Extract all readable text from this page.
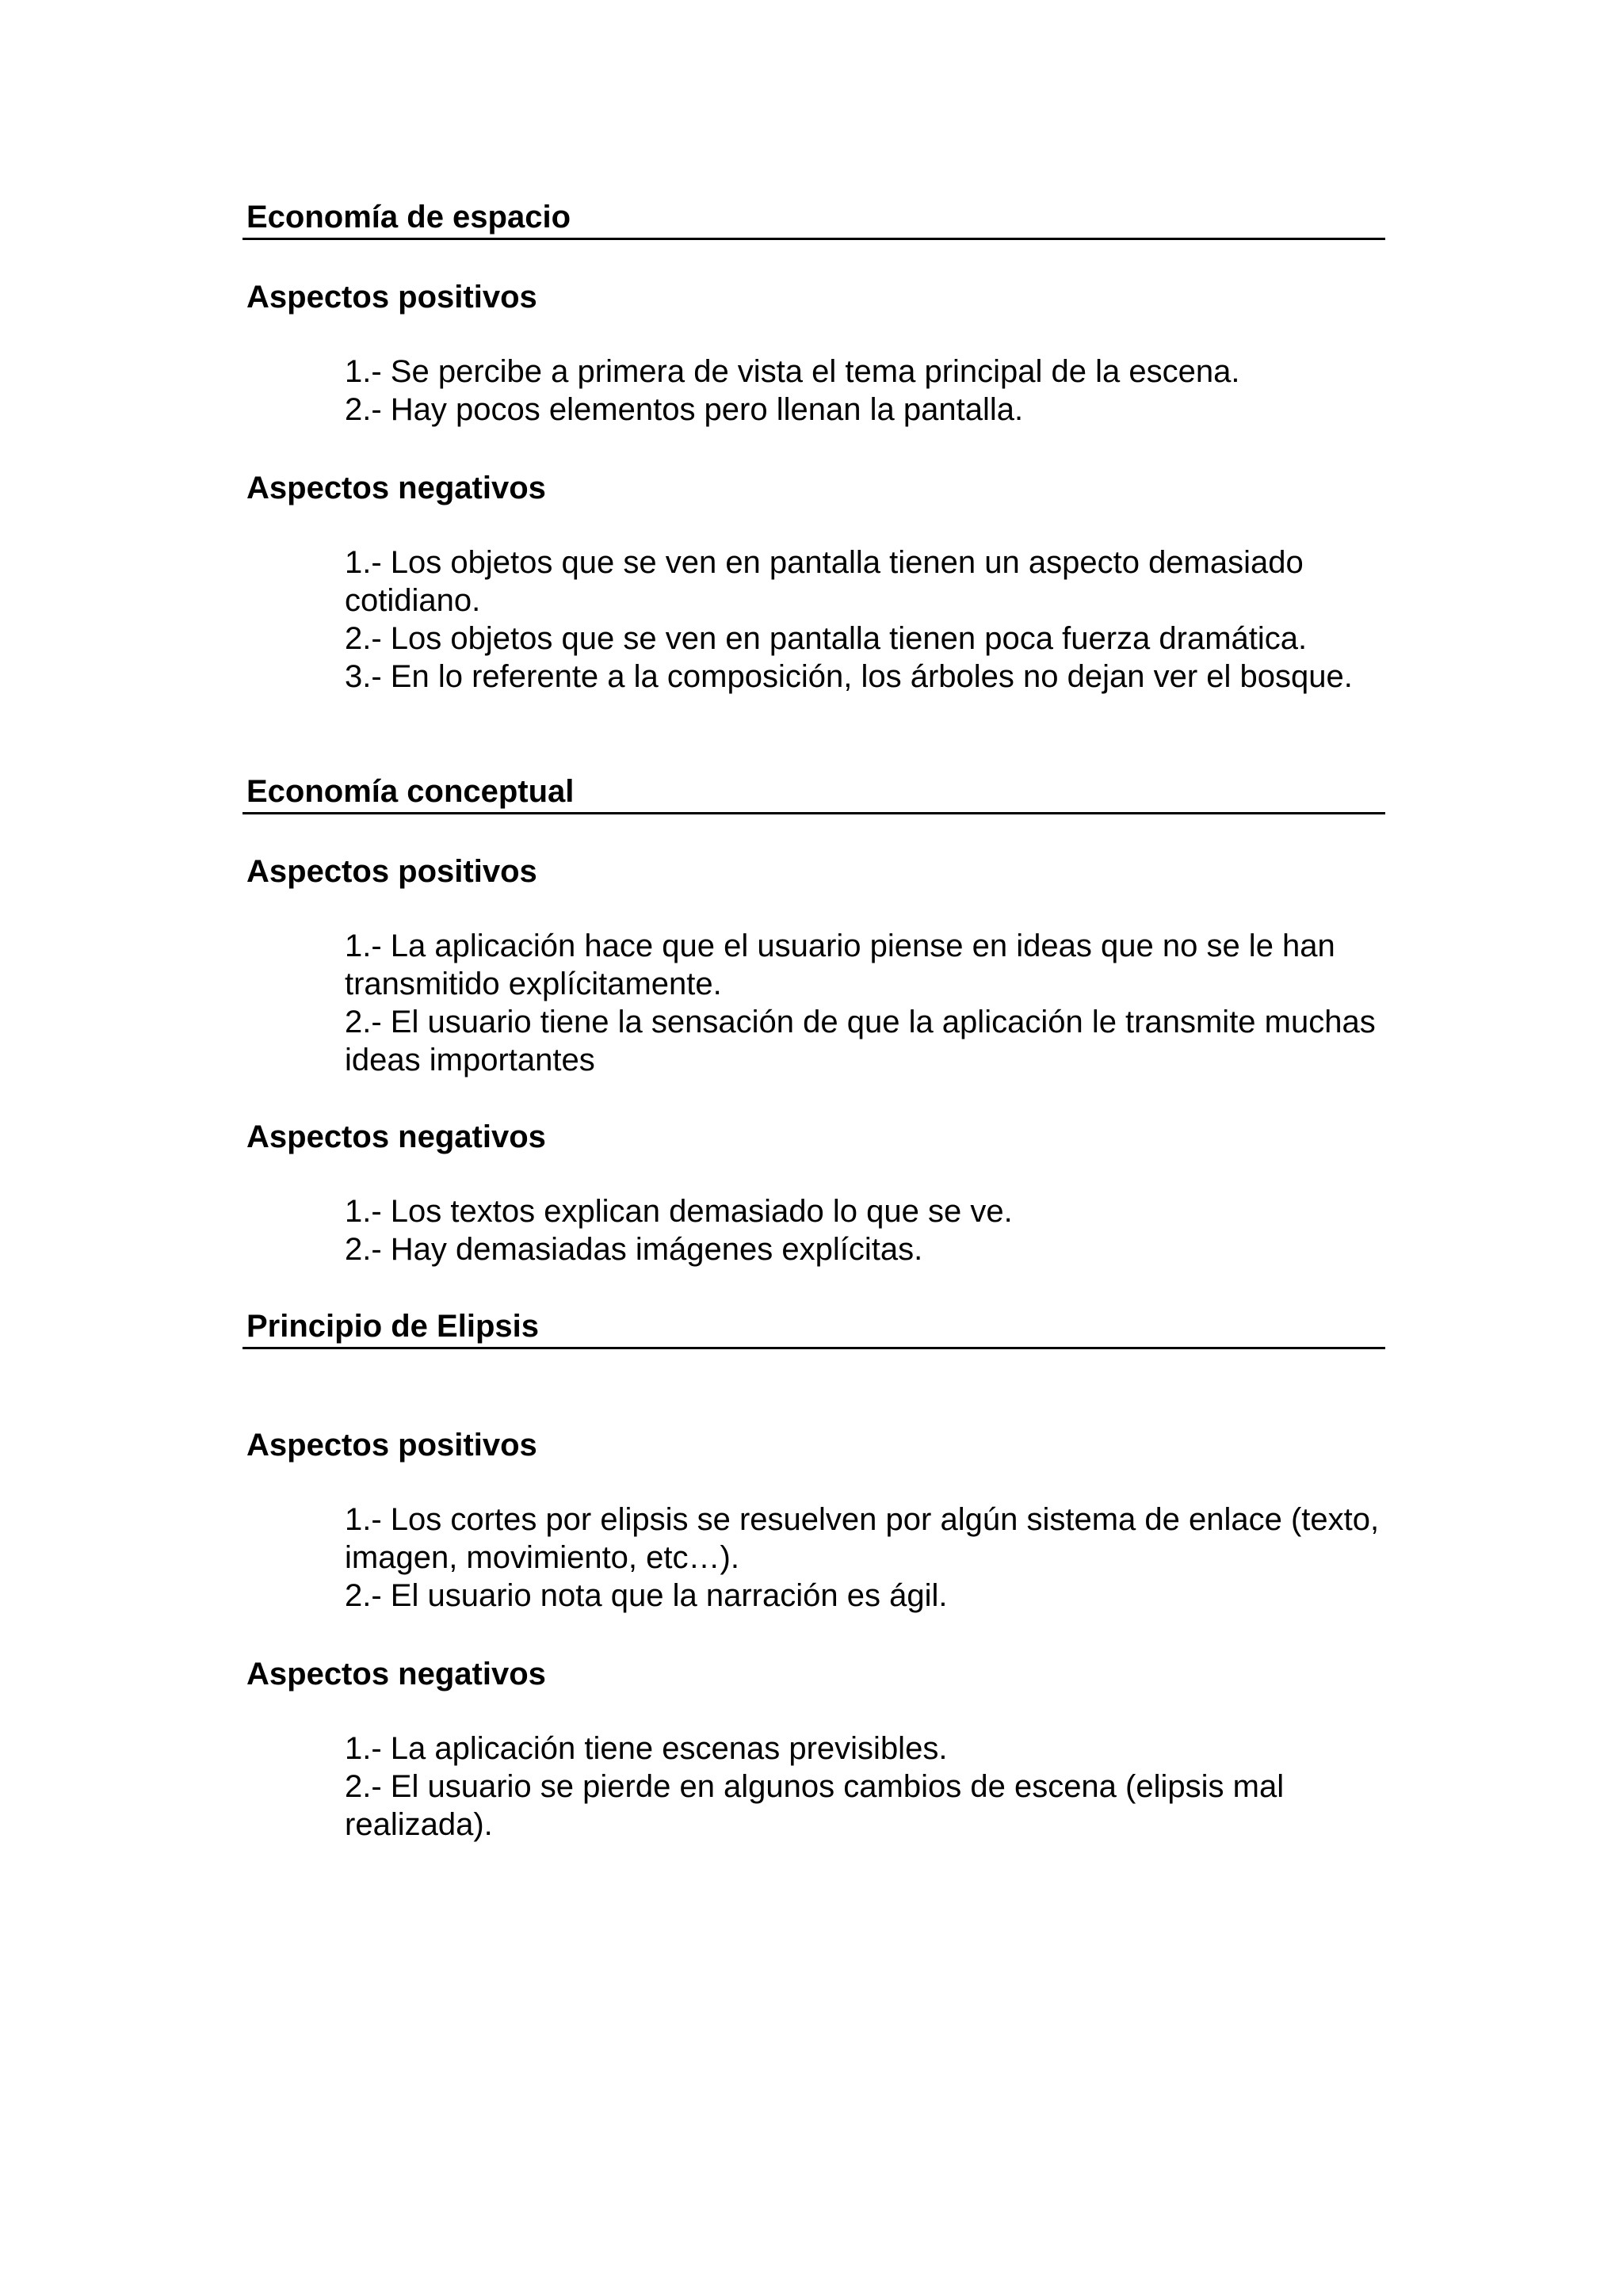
Economía de espacio
Aspectos positivos
1.- Se percibe a primera de vista el tema principal de la escena.
2.- Hay pocos elementos pero llenan la pantalla.
Aspectos negativos
1.- Los objetos que se ven en pantalla tienen un aspecto demasiado cotidiano.
2.- Los objetos que se ven en pantalla tienen poca fuerza dramática.
3.- En lo referente a la composición, los árboles no dejan ver el bosque.
Economía conceptual
Aspectos positivos
1.- La aplicación hace que el usuario piense en ideas que no se le han transmitido explícitamente.
2.- El usuario tiene la sensación de que la aplicación le transmite muchas ideas importantes
Aspectos negativos
1.- Los textos explican demasiado lo que se ve.
2.- Hay demasiadas imágenes explícitas.
Principio de Elipsis
Aspectos positivos
1.- Los cortes por elipsis se resuelven por algún sistema de enlace (texto, imagen, movimiento, etc…).
2.- El usuario nota que la narración es ágil.
Aspectos negativos
1.- La aplicación tiene escenas previsibles.
2.- El usuario se pierde en algunos cambios de escena (elipsis mal realizada).
